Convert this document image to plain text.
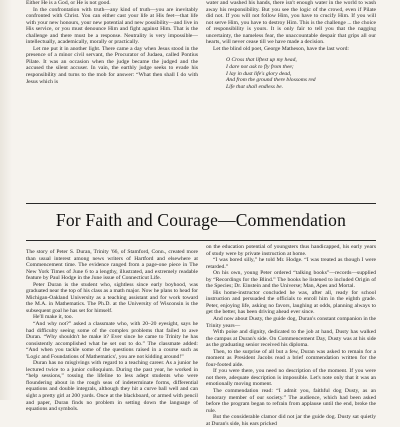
Either He is a God, or He is not good.

In the confrontation with truth—any kind of truth—you are inevitably confronted with Christ. You can either cast your life at His feet—that life with your new honours, your new potential and new possibility—and live in His service, or you must denounce Him and fight against Him. That is the challenge and there must be a response. Neutrality is very impossible—intellectually, academically, morally or practically.

Let me put it in another light. There came a day when Jesus stood in the presence of a minor civil servant, the Procurator of Judaea, called Pontius Pilate. It was an occasion when the judge became the judged and the accused the silent accuser. In vain, the earthly judge seeks to evade his responsibility and turns to the mob for answer: “What then shall I do with Jesus which is

water and washed his hands, there isn't enough water in the world to wash away his responsibility. But you see the logic of the crowd, even if Pilate did not. If you will not follow Him, you have to crucify Him. If you will not serve Him, you have to destroy Him. This is the challenge ... the choice of responsibility is yours. It is only fair to tell you that the nagging uncertainty, the nameless fear, the unaccountable despair that grips all our hearts, will never cease till we have made a decision.

Let the blind old poet, George Matheson, have the last word:

O Cross that liftest up my head,
I dare not ask to fly from thee;
I lay in dust life's glory dead,
And from the ground there blossoms red
Life that shall endless be.
For Faith and Courage—Commendation

The story of Peter S. Duran, Trinity '66, of Stamford, Conn., created more than usual interest among news writers of Hartford and elsewhere at Commencement time. The evidence ranged from a page-one piece in The New York Times of June 6 to a lengthy, illustrated, and extremely readable feature by Paul Hodge in the June issue of Connecticut Life.

Peter Duran is the student who, sightless since early boyhood, was graduated near the top of his class as a math major. Now he plans to head for Michigan-Oakland University as a teaching assistant and for work toward the M.A. in Mathematics. The Ph.D. at the University of Wisconsin is the subsequent goal he has set for himself.

He'll make it, too.

“And why not?” asked a classmate who, with 20–20 eyesight, says he had difficulty seeing some of the complex problems that failed to awe Duran. “Why shouldn't he make it? Ever since he came to Trinity he has consistently accomplished what he set out to do.” The classmate added: “And when you tackle some of the questions raised in a course such as 'Logic and Foundations of Mathematics', you are not kidding around!”

Duran has no misgivings with regard to a teaching career. As a junior he lectured twice to a junior colloquium. During the past year, he worked in “help sessions,” tossing the lifeline to less adept students who were floundering about in the rough seas of indeterminate forms, differential equations and double integrals, although they hit a curve ball well and can sight a pretty girl at 200 yards. Once at the blackboard, or armed with pencil and paper, Duran finds no problem in setting down the language of equations and symbols.

on the education potential of youngsters thus handicapped, his early years of study were by private instruction at home.

“I was bored silly,” he told Mr. Hodge. “I was treated as though I were retarded.”

On his own, young Peter ordered “talking books”—records—supplied by “Recordings for the Blind.” The books he listened to included Origin of the Species; Dr. Einstein and the Universe; Man, Apes and Mortal.

His home-instructor concluded he was, after all, ready for school instruction and persuaded the officials to enroll him in the eighth grade. Peter, enjoying life, asking no favors, laughing at odds, planning always to get the better, has been driving ahead ever since.

And now about Dusty, the guide dog, Duran's constant companion in the Trinity years—

With poise and dignity, dedicated to the job at hand, Dusty has walked the campus at Duran's side. On Commencement Day, Dusty was at his side as the graduating senior received his diploma.

Then, to the surprise of all but a few, Duran was asked to remain for a moment as President Jacobs read a brief commendation written for the four-footed aide.

If you were there, you need no description of the moment. If you were not there, adequate description is impossible. Let's note only that it was an emotionally moving moment.

The commendation read: “I admit you, faithful dog Dusty, as an honorary member of our society.” The audience, which had been asked before the program began to refrain from applause until the end, broke the rule.

But the considerable clamor did not jar the guide dog. Dusty sat quietly at Duran's side, his ears pricked
